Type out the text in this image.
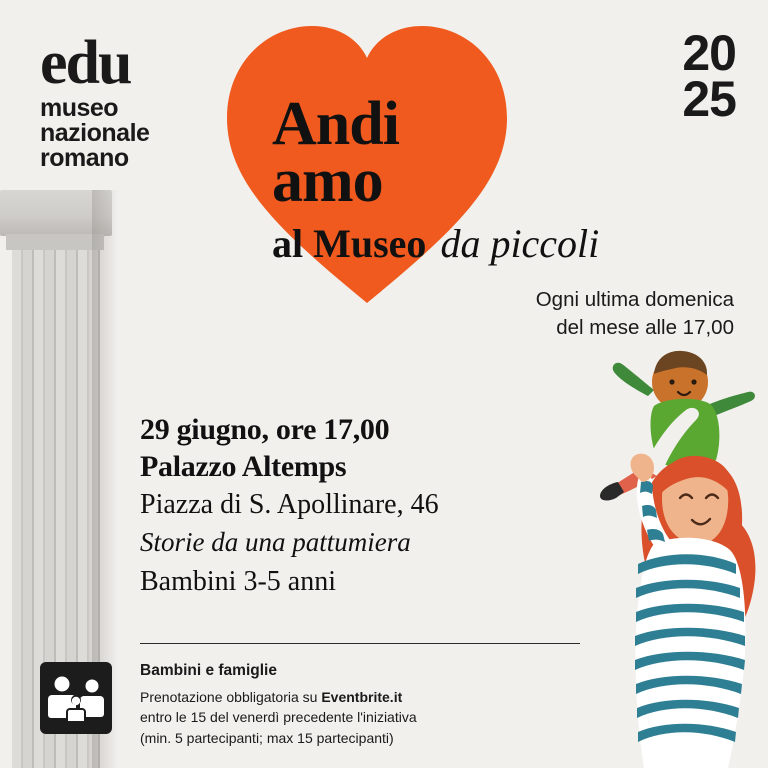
edu
museo
nazionale
romano
20
25
Andi
amo
al Museo da piccoli
Ogni ultima domenica
del mese alle 17,00
29 giugno, ore 17,00
Palazzo Altemps
Piazza di S. Apollinare, 46
Storie da una pattumiera
Bambini 3-5 anni
Bambini e famiglie
Prenotazione obbligatoria su Eventbrite.it
entro le 15 del venerdì precedente l'iniziativa
(min. 5 partecipanti; max 15 partecipanti)
